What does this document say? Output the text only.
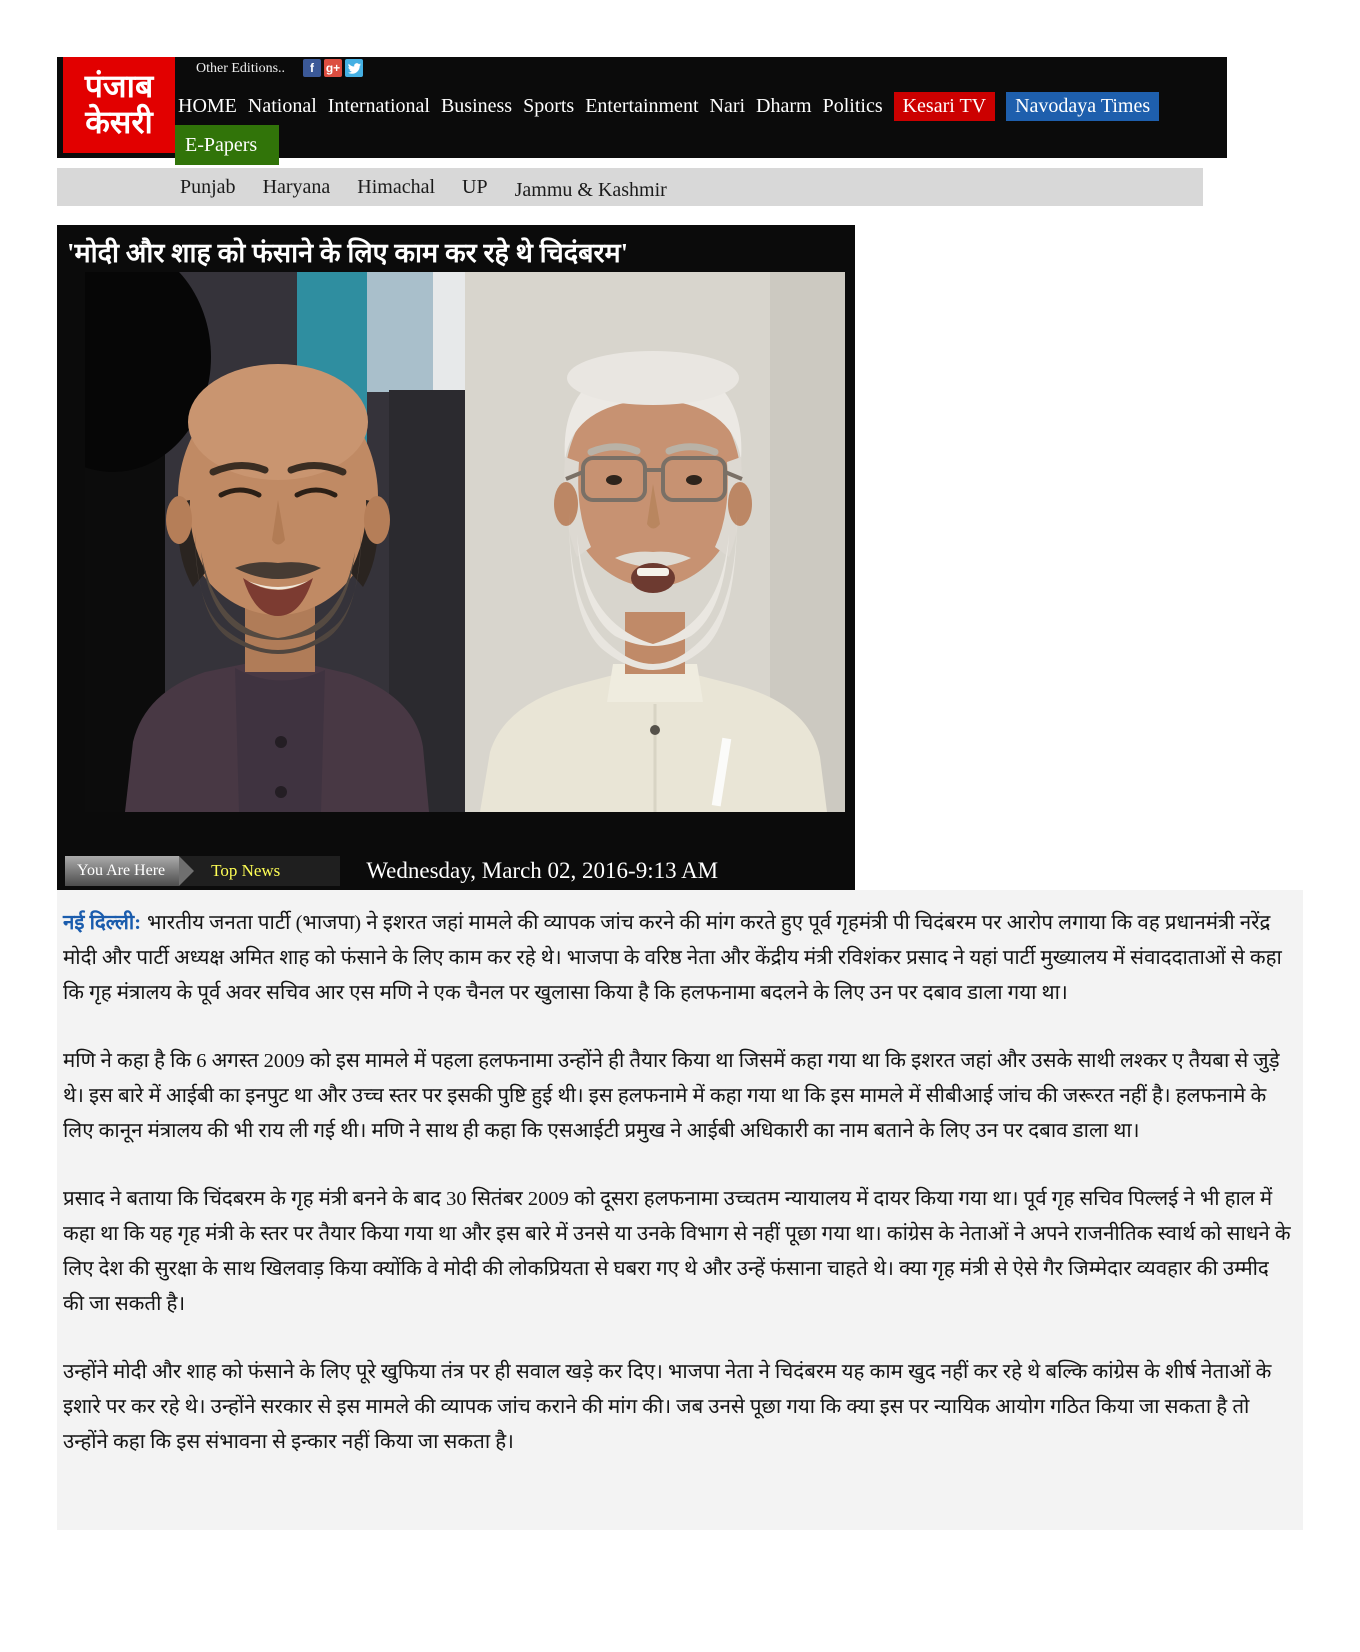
पंजाब
केसरी
Other Editions..	f g+
HOME National International Business Sports Entertainment Nari Dharm Politics	Kesari TV	Navodaya Times
E-Papers
Punjab Haryana Himachal UP Jammu & Kashmir
'मोदी और शाह को फंसाने के लिए काम कर रहे थे चिदंबरम'
You Are Here	Top News	Wednesday, March 02, 2016-9:13 AM

नई दिल्ली: भारतीय जनता पार्टी (भाजपा) ने इशरत जहां मामले की व्यापक जांच करने की मांग करते हुए पूर्व गृहमंत्री पी चिदंबरम पर आरोप लगाया कि वह प्रधानमंत्री नरेंद्र मोदी और पार्टी अध्यक्ष अमित शाह को फंसाने के लिए काम कर रहे थे। भाजपा के वरिष्ठ नेता और केंद्रीय मंत्री रविशंकर प्रसाद ने यहां पार्टी मुख्यालय में संवाददाताओं से कहा कि गृह मंत्रालय के पूर्व अवर सचिव आर एस मणि ने एक चैनल पर खुलासा किया है कि हलफनामा बदलने के लिए उन पर दबाव डाला गया था।

मणि ने कहा है कि 6 अगस्त 2009 को इस मामले में पहला हलफनामा उन्होंने ही तैयार किया था जिसमें कहा गया था कि इशरत जहां और उसके साथी लश्कर ए तैयबा से जुड़े थे। इस बारे में आईबी का इनपुट था और उच्च स्तर पर इसकी पुष्टि हुई थी। इस हलफनामे में कहा गया था कि इस मामले में सीबीआई जांच की जरूरत नहीं है। हलफनामे के लिए कानून मंत्रालय की भी राय ली गई थी। मणि ने साथ ही कहा कि एसआईटी प्रमुख ने आईबी अधिकारी का नाम बताने के लिए उन पर दबाव डाला था।

प्रसाद ने बताया कि चिंदबरम के गृह मंत्री बनने के बाद 30 सितंबर 2009 को दूसरा हलफनामा उच्चतम न्यायालय में दायर किया गया था। पूर्व गृह सचिव पिल्लई ने भी हाल में कहा था कि यह गृह मंत्री के स्तर पर तैयार किया गया था और इस बारे में उनसे या उनके विभाग से नहीं पूछा गया था। कांग्रेस के नेताओं ने अपने राजनीतिक स्वार्थ को साधने के लिए देश की सुरक्षा के साथ खिलवाड़ किया क्योंकि वे मोदी की लोकप्रियता से घबरा गए थे और उन्हें फंसाना चाहते थे। क्या गृह मंत्री से ऐसे गैर जिम्मेदार व्यवहार की उम्मीद की जा सकती है।

उन्होंने मोदी और शाह को फंसाने के लिए पूरे खुफिया तंत्र पर ही सवाल खड़े कर दिए। भाजपा नेता ने चिदंबरम यह काम खुद नहीं कर रहे थे बल्कि कांग्रेस के शीर्ष नेताओं के इशारे पर कर रहे थे। उन्होंने सरकार से इस मामले की व्यापक जांच कराने की मांग की। जब उनसे पूछा गया कि क्या इस पर न्यायिक आयोग गठित किया जा सकता है तो उन्होंने कहा कि इस संभावना से इन्कार नहीं किया जा सकता है।
